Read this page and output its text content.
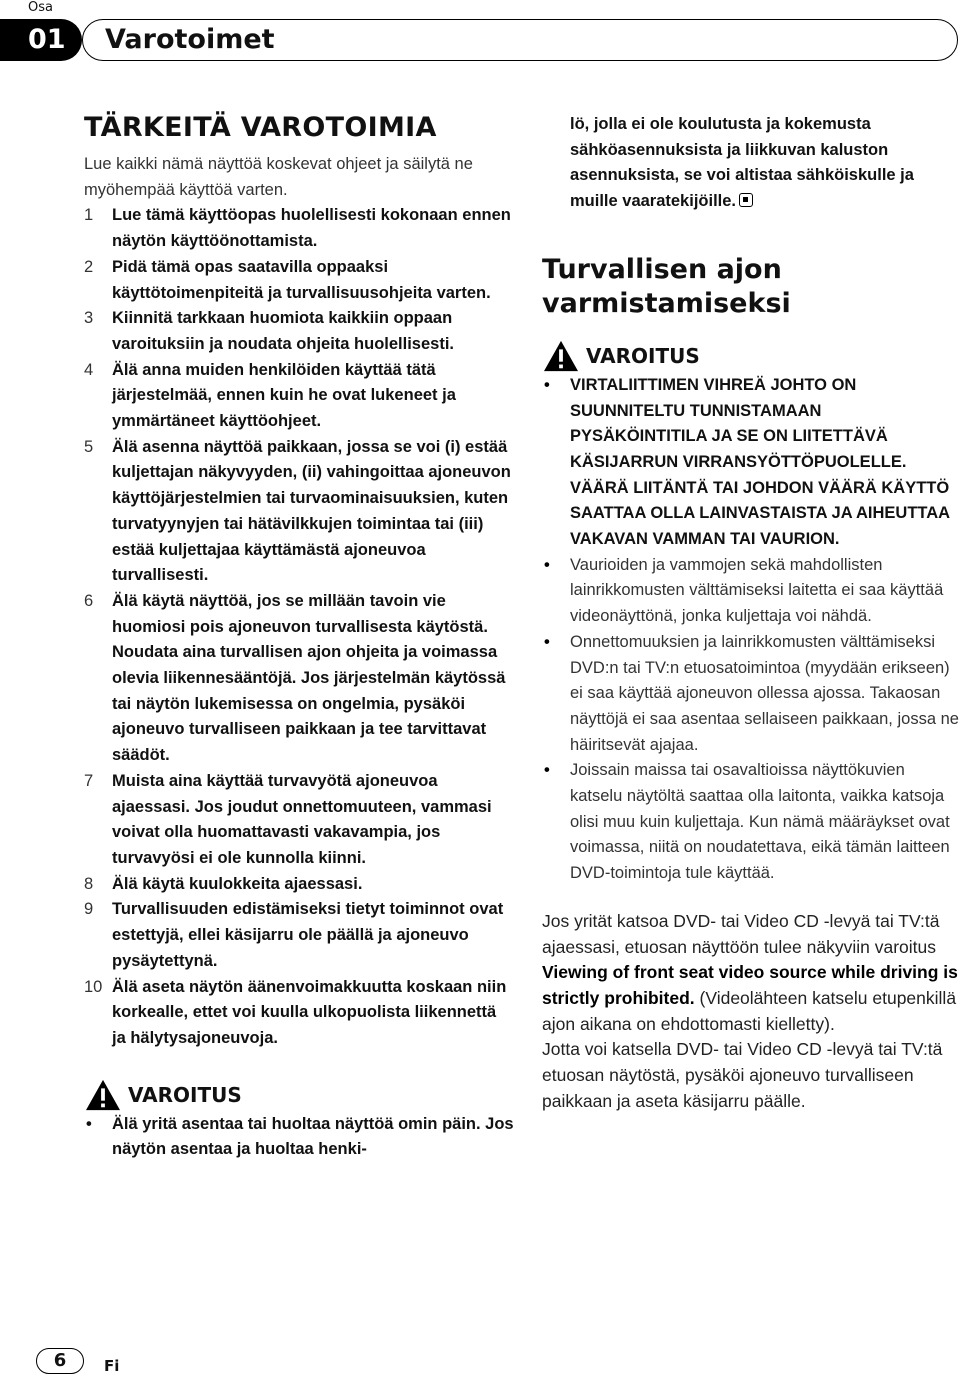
Osa
01	Varotoimet
TÄRKEITÄ VAROTOIMIA

Lue kaikki nämä näyttöä koskevat ohjeet ja säilytä ne myöhempää käyttöä varten.

1 Lue tämä käyttöopas huolellisesti kokonaan ennen näytön käyttöönottamista.
2 Pidä tämä opas saatavilla oppaaksi käyttötoimenpiteitä ja turvallisuusohjeita varten.
3 Kiinnitä tarkkaan huomiota kaikkiin oppaan varoituksiin ja noudata ohjeita huolellisesti.
4 Älä anna muiden henkilöiden käyttää tätä järjestelmää, ennen kuin he ovat lukeneet ja ymmärtäneet käyttöohjeet.
5 Älä asenna näyttöä paikkaan, jossa se voi (i) estää kuljettajan näkyvyyden, (ii) vahingoittaa ajoneuvon käyttöjärjestelmien tai turvaominaisuuksien, kuten turvatyynyjen tai hätävilkkujen toimintaa tai (iii) estää kuljettajaa käyttämästä ajoneuvoa turvallisesti.
6 Älä käytä näyttöä, jos se millään tavoin vie huomiosi pois ajoneuvon turvallisesta käytöstä. Noudata aina turvallisen ajon ohjeita ja voimassa olevia liikennesääntöjä. Jos järjestelmän käytössä tai näytön lukemisessa on ongelmia, pysäköi ajoneuvo turvalliseen paikkaan ja tee tarvittavat säädöt.
7 Muista aina käyttää turvavyötä ajoneuvoa ajaessasi. Jos joudut onnettomuuteen, vammasi voivat olla huomattavasti vakavampia, jos turvavyösi ei ole kunnolla kiinni.
8 Älä käytä kuulokkeita ajaessasi.
9 Turvallisuuden edistämiseksi tietyt toiminnot ovat estettyjä, ellei käsijarru ole päällä ja ajoneuvo pysäytettynä.
10 Älä aseta näytön äänenvoimakkuutta koskaan niin korkealle, ettet voi kuulla ulkopuolista liikennettä ja hälytysajoneuvoja.
VAROITUS
• Älä yritä asentaa tai huoltaa näyttöä omin päin. Jos näytön asentaa ja huoltaa henki-

lö, jolla ei ole koulutusta ja kokemusta sähköasennuksista ja liikkuvan kaluston asennuksista, se voi altistaa sähköiskulle ja muille vaaratekijöille.

Turvallisen ajon
varmistamiseksi
VAROITUS
• VIRTALIITTIMEN VIHREÄ JOHTO ON SUUNNITELTU TUNNISTAMAAN PYSÄKÖINTITILA JA SE ON LIITETTÄVÄ KÄSIJARRUN VIRRANSYÖTTÖPUOLELLE. VÄÄRÄ LIITÄNTÄ TAI JOHDON VÄÄRÄ KÄYTTÖ SAATTAA OLLA LAINVASTAISTA JA AIHEUTTAA VAKAVAN VAMMAN TAI VAURION.
• Vaurioiden ja vammojen sekä mahdollisten lainrikkomusten välttämiseksi laitetta ei saa käyttää videonäyttönä, jonka kuljettaja voi nähdä.
• Onnettomuuksien ja lainrikkomusten välttämiseksi DVD:n tai TV:n etuosatoimintoa (myydään erikseen) ei saa käyttää ajoneuvon ollessa ajossa. Takaosan näyttöjä ei saa asentaa sellaiseen paikkaan, jossa ne häiritsevät ajajaa.
• Joissain maissa tai osavaltioissa näyttökuvien katselu näytöltä saattaa olla laitonta, vaikka katsoja olisi muu kuin kuljettaja. Kun nämä määräykset ovat voimassa, niitä on noudatettava, eikä tämän laitteen DVD-toimintoja tule käyttää.

Jos yrität katsoa DVD- tai Video CD -levyä tai TV:tä ajaessasi, etuosan näyttöön tulee näkyviin varoitus Viewing of front seat video source while driving is strictly prohibited. (Videolähteen katselu etupenkillä ajon aikana on ehdottomasti kielletty).

Jotta voi katsella DVD- tai Video CD -levyä tai TV:tä etuosan näytöstä, pysäköi ajoneuvo turvalliseen paikkaan ja aseta käsijarru päälle.

6	Fi
